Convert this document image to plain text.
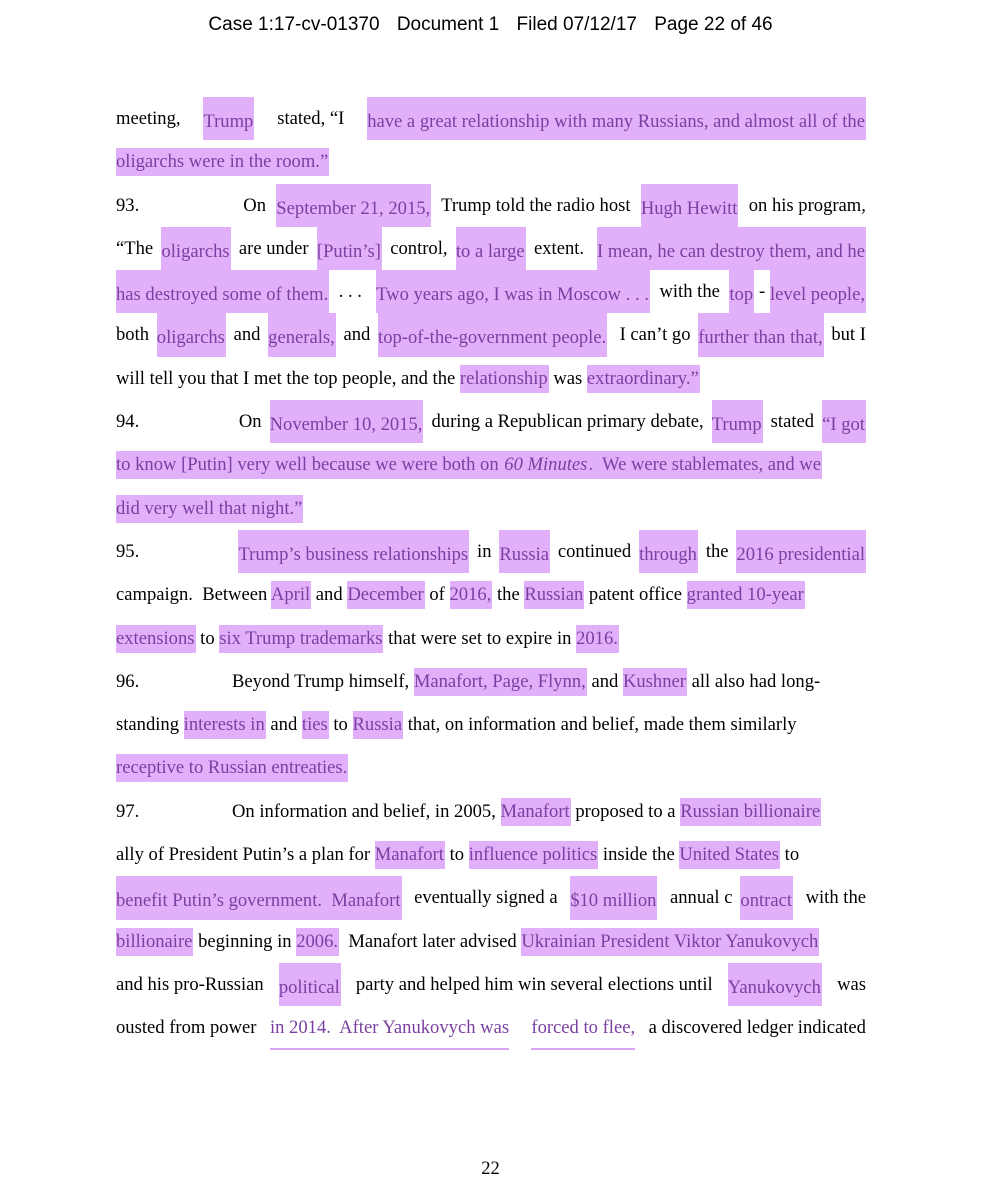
Case 1:17-cv-01370 Document 1 Filed 07/12/17 Page 22 of 46
meeting, Trump stated, “I have a great relationship with many Russians, and almost all of the
oligarchs were in the room.”
93.	On September 21, 2015, Trump told the radio host Hugh Hewitt on his program,
“The oligarchs are under [Putin’s] control, to a large extent. I mean, he can destroy them, and he
has destroyed some of them. . . . Two years ago, I was in Moscow . . . with the top - level people,
both oligarchs and generals, and top-of-the-government people. I can’t go further than that, but I
will tell you that I met the top people, and the relationship was extraordinary.”
94.	On November 10, 2015, during a Republican primary debate, Trump stated “I got
to know [Putin] very well because we were both on 60 Minutes.  We were stablemates, and we
did very well that night.”
95.	Trump’s business relationships in Russia continued through the 2016 presidential
campaign.  Between April and December of 2016, the Russian patent office granted 10-year
extensions to six Trump trademarks that were set to expire in 2016.
96.	Beyond Trump himself, Manafort, Page, Flynn, and Kushner all also had long-
standing interests in and ties to Russia that, on information and belief, made them similarly
receptive to Russian entreaties.
97.	On information and belief, in 2005, Manafort proposed to a Russian billionaire
ally of President Putin’s a plan for Manafort to influence politics inside the United States to
benefit Putin’s government.  Manafort eventually signed a $10 million annual c ontract with the
billionaire beginning in 2006.  Manafort later advised Ukrainian President Viktor Yanukovych
and his pro-Russian political party and helped him win several elections until Yanukovych was
ousted from power in 2014.  After Yanukovych was
forced to flee, a discovered ledger indicated
22
